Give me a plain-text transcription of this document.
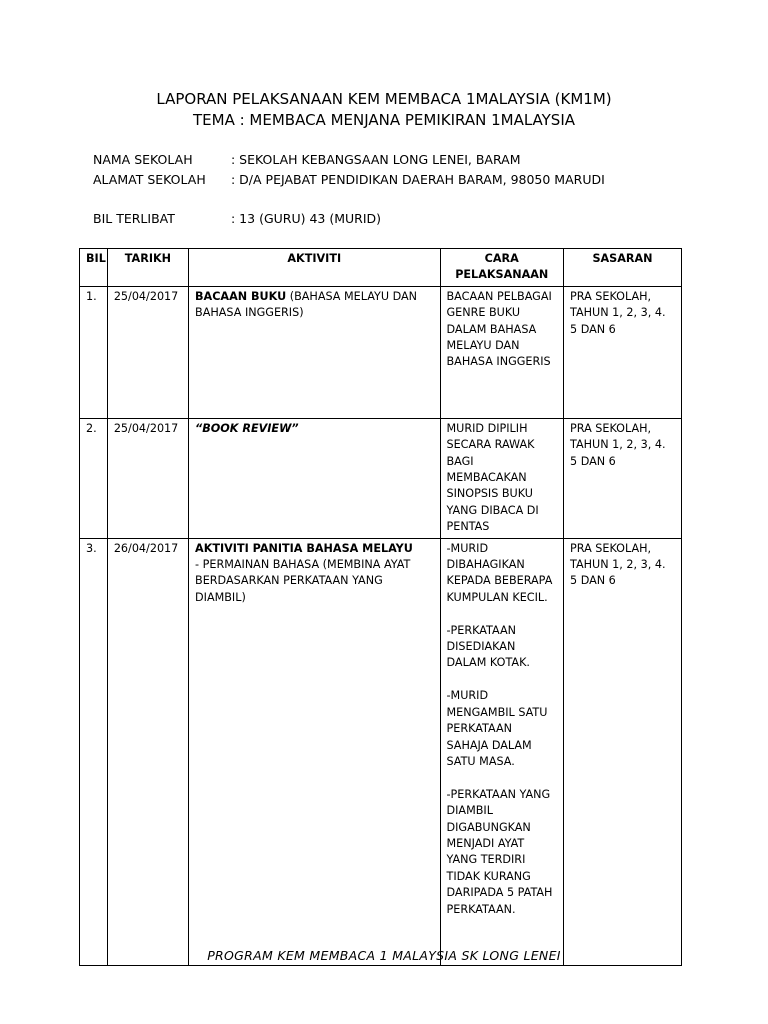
LAPORAN PELAKSANAAN KEM MEMBACA 1MALAYSIA (KM1M)
TEMA : MEMBACA MENJANA PEMIKIRAN 1MALAYSIA
NAMA SEKOLAH	: SEKOLAH KEBANGSAAN LONG LENEI, BARAM
ALAMAT SEKOLAH : D/A PEJABAT PENDIDIKAN DAERAH BARAM, 98050 MARUDI
BIL TERLIBAT	: 13 (GURU) 43 (MURID)
BIL	TARIKH	AKTIVITI	CARA PELAKSANAAN	SASARAN
1.	25/04/2017	BACAAN BUKU (BAHASA MELAYU DAN BAHASA INGGERIS)	BACAAN PELBAGAI GENRE BUKU DALAM BAHASA MELAYU DAN BAHASA INGGERIS	PRA SEKOLAH, TAHUN 1, 2, 3, 4. 5 DAN 6
2.	25/04/2017	“BOOK REVIEW”	MURID DIPILIH SECARA RAWAK BAGI MEMBACAKAN SINOPSIS BUKU YANG DIBACA DI PENTAS	PRA SEKOLAH, TAHUN 1, 2, 3, 4. 5 DAN 6
3.	26/04/2017	AKTIVITI PANITIA BAHASA MELAYU
- PERMAINAN BAHASA (MEMBINA AYAT BERDASARKAN PERKATAAN YANG DIAMBIL)	-MURID DIBAHAGIKAN KEPADA BEBERAPA KUMPULAN KECIL.
-PERKATAAN DISEDIAKAN DALAM KOTAK.
-MURID MENGAMBIL SATU PERKATAAN SAHAJA DALAM SATU MASA.
-PERKATAAN YANG DIAMBIL DIGABUNGKAN MENJADI AYAT YANG TERDIRI TIDAK KURANG DARIPADA 5 PATAH PERKATAAN.	PRA SEKOLAH, TAHUN 1, 2, 3, 4. 5 DAN 6
PROGRAM KEM MEMBACA 1 MALAYSIA SK LONG LENEI
